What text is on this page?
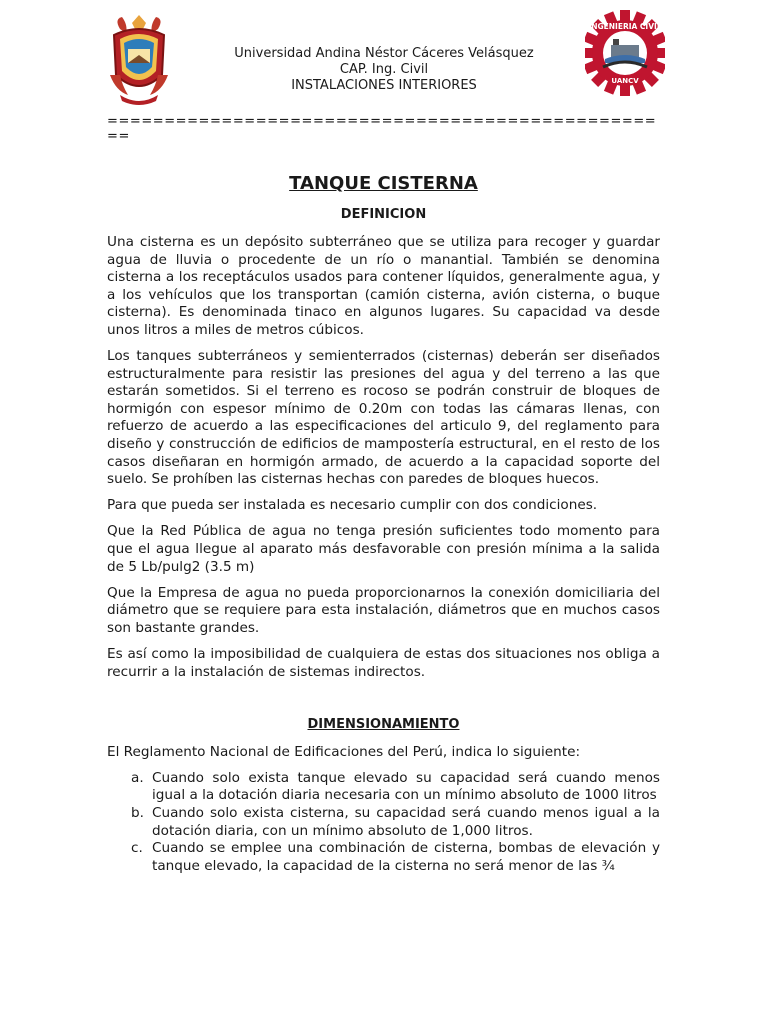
Universidad Andina Néstor Cáceres Velásquez
CAP. Ing. Civil
INSTALACIONES INTERIORES
INGENIERIA CIVIL
UANCV
==================================================
TANQUE CISTERNA
DEFINICION

Una cisterna es un depósito subterráneo que se utiliza para recoger y guardar agua de lluvia o procedente de un río o manantial. También se denomina cisterna a los receptáculos usados para contener líquidos, generalmente agua, y a los vehículos que los transportan (camión cisterna, avión cisterna, o buque cisterna). Es denominada tinaco en algunos lugares. Su capacidad va desde unos litros a miles de metros cúbicos.

Los tanques subterráneos y semienterrados (cisternas) deberán ser diseñados estructuralmente para resistir las presiones del agua y del terreno a las que estarán sometidos. Si el terreno es rocoso se podrán construir de bloques de hormigón con espesor mínimo de 0.20m con todas las cámaras llenas, con refuerzo de acuerdo a las especificaciones del articulo 9, del reglamento para diseño y construcción de edificios de mampostería estructural, en el resto de los casos diseñaran en hormigón armado, de acuerdo a la capacidad soporte del suelo. Se prohíben las cisternas hechas con paredes de bloques huecos.

Para que pueda ser instalada es necesario cumplir con dos condiciones.

Que la Red Pública de agua no tenga presión suficientes todo momento para que el agua llegue al aparato más desfavorable con presión mínima a la salida de 5 Lb/pulg2 (3.5 m)

Que la Empresa de agua no pueda proporcionarnos la conexión domiciliaria del diámetro que se requiere para esta instalación, diámetros que en muchos casos son bastante grandes.

Es así como la imposibilidad de cualquiera de estas dos situaciones nos obliga a recurrir a la instalación de sistemas indirectos.

DIMENSIONAMIENTO

El Reglamento Nacional de Edificaciones del Perú, indica lo siguiente:

a. Cuando solo exista tanque elevado su capacidad será cuando menos igual a la dotación diaria necesaria con un mínimo absoluto de 1000 litros
b. Cuando solo exista cisterna, su capacidad será cuando menos igual a la dotación diaria, con un mínimo absoluto de 1,000 litros.
c. Cuando se emplee una combinación de cisterna, bombas de elevación y tanque elevado, la capacidad de la cisterna no será menor de las ¾
